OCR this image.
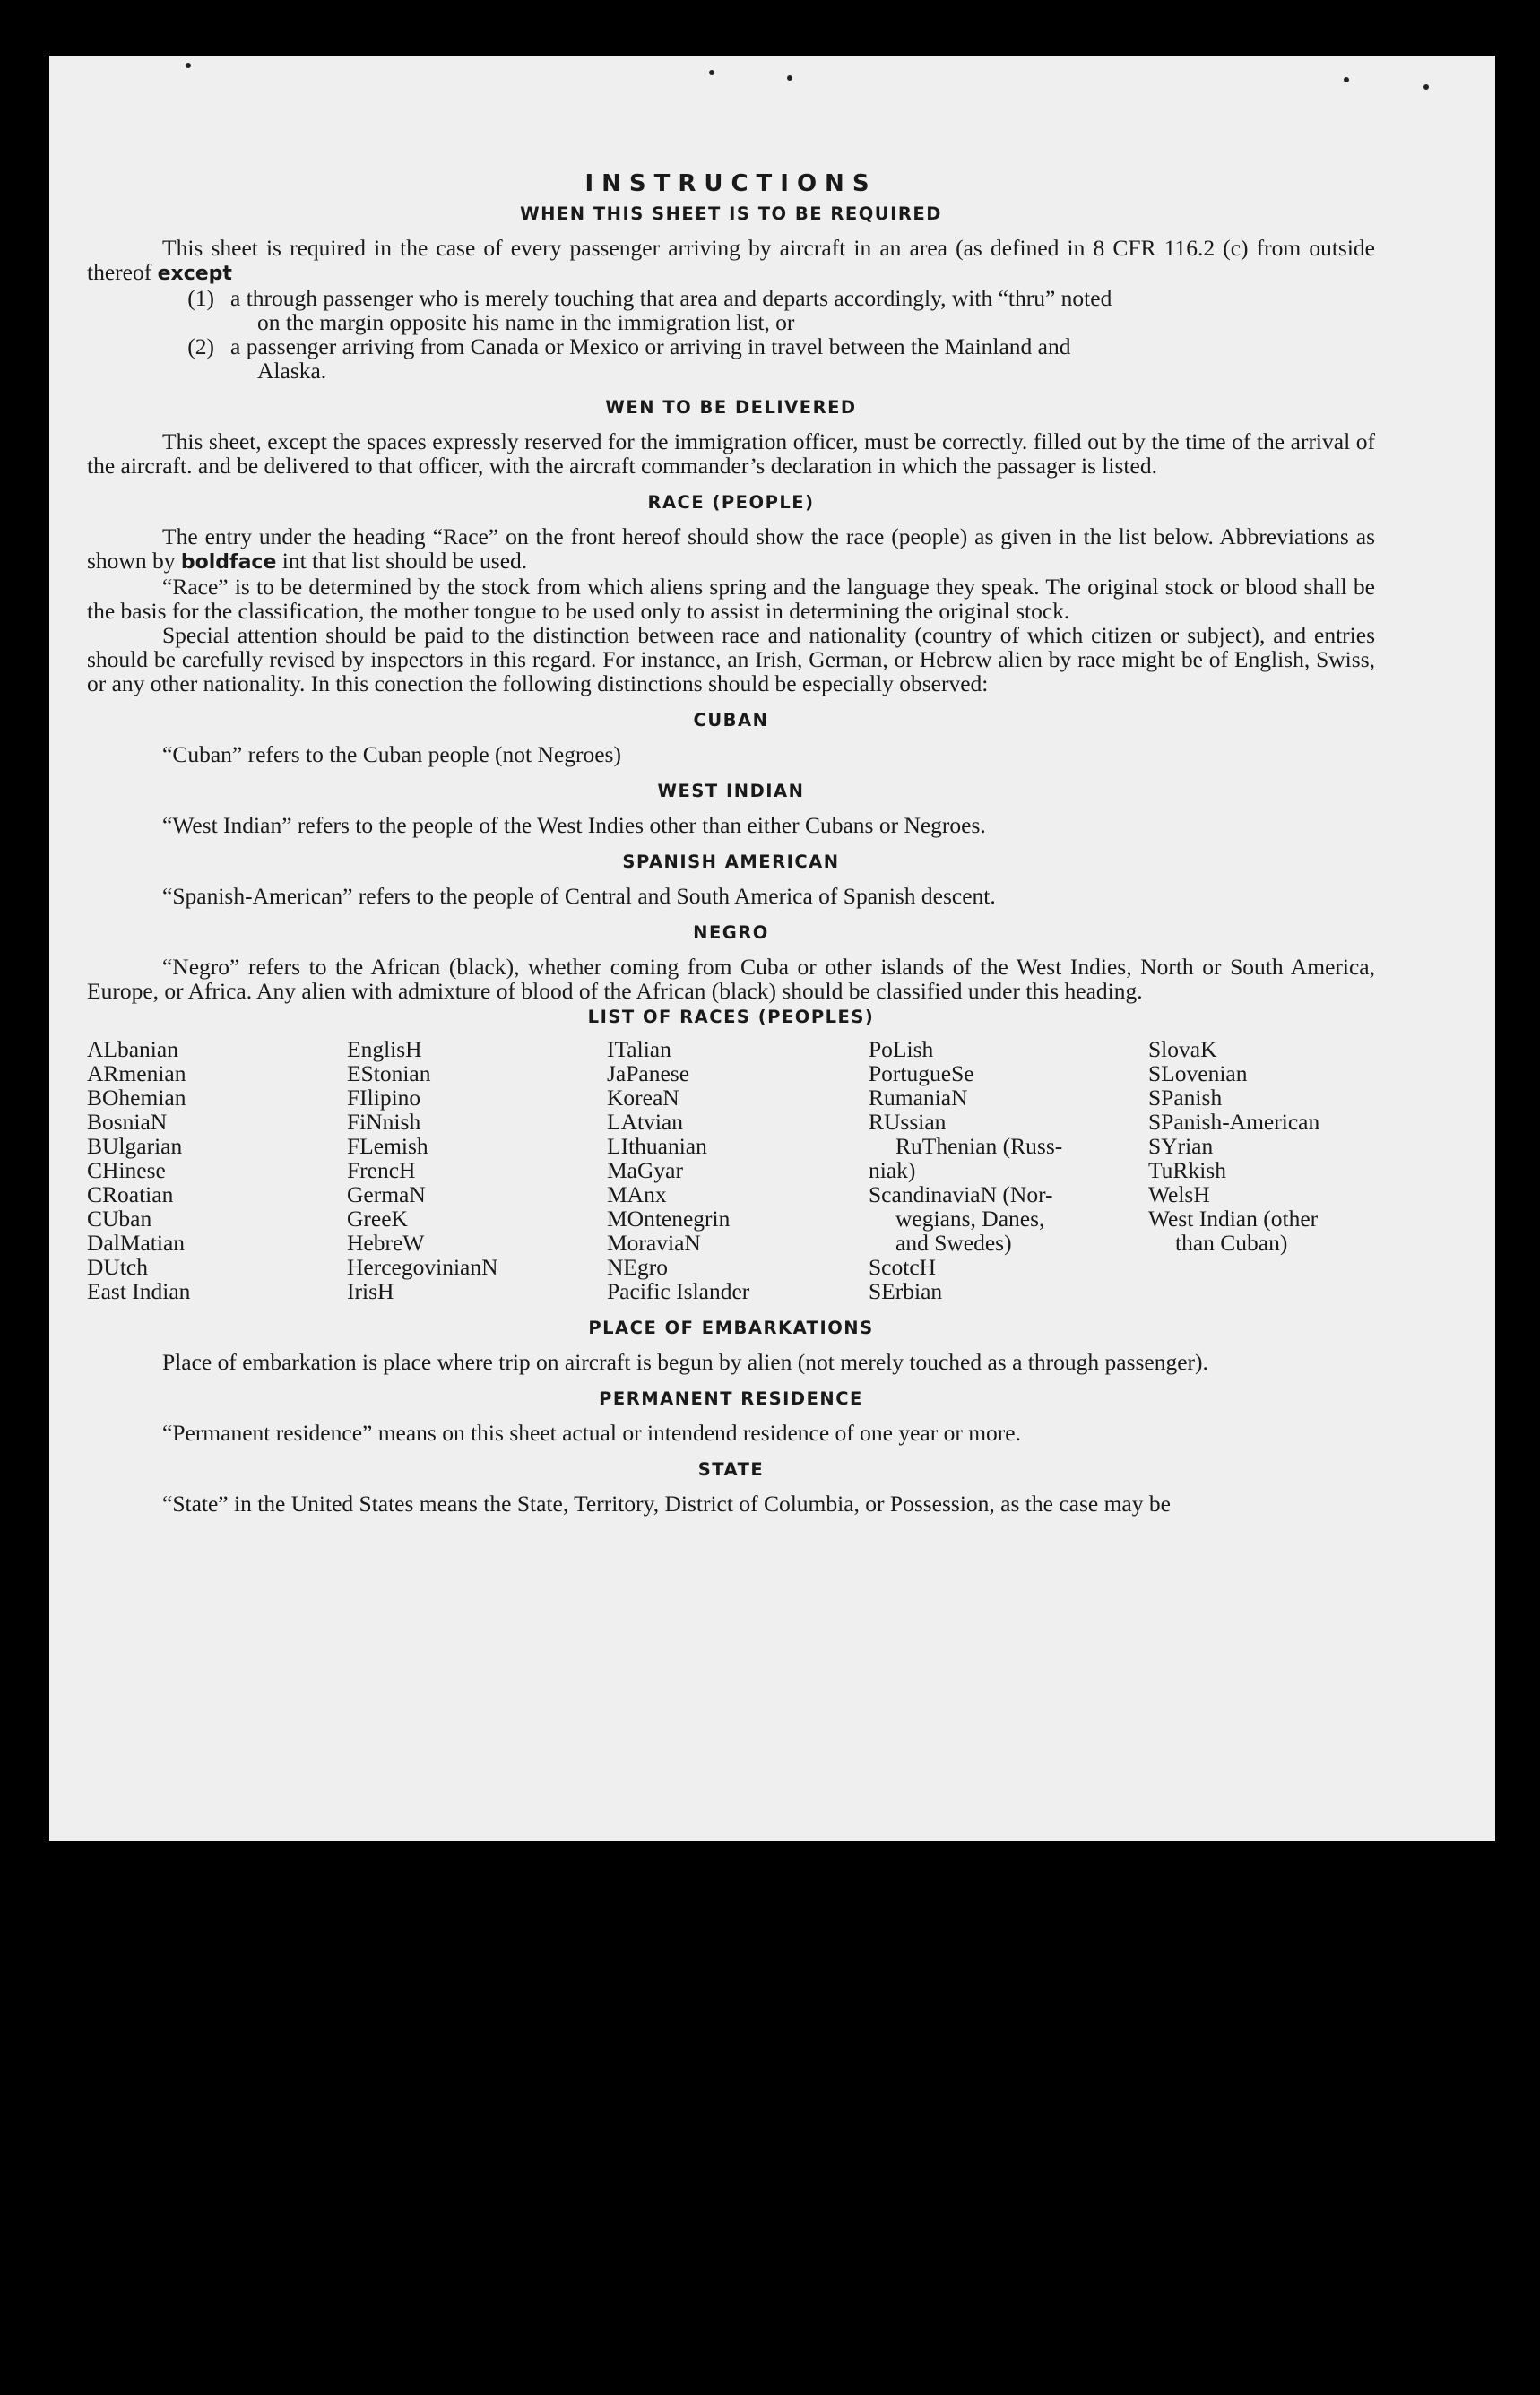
INSTRUCTIONS
WHEN THIS SHEET IS TO BE REQUIRED

This sheet is required in the case of every passenger arriving by aircraft in an area (as defined in 8 CFR 116.2 (c) from outside thereof except

(1) a through passenger who is merely touching that area and departs accordingly, with “thru” noted
on the margin opposite his name in the immigration list, or
(2) a passenger arriving from Canada or Mexico or arriving in travel between the Mainland and
Alaska.
WEN TO BE DELIVERED

This sheet, except the spaces expressly reserved for the immigration officer, must be correctly. filled out by the time of the arrival of the aircraft. and be delivered to that officer, with the aircraft commander’s declaration in which the passager is listed.

RACE (PEOPLE)

The entry under the heading “Race” on the front hereof should show the race (people) as given in the list below. Abbreviations as shown by boldface int that list should be used.

“Race” is to be determined by the stock from which aliens spring and the language they speak. The original stock or blood shall be the basis for the classification, the mother tongue to be used only to assist in determining the original stock.

Special attention should be paid to the distinction between race and nationality (country of which citizen or subject), and entries should be carefully revised by inspectors in this regard. For instance, an Irish, German, or Hebrew alien by race might be of English, Swiss, or any other nationality. In this conection the following distinctions should be especially observed:

CUBAN

“Cuban” refers to the Cuban people (not Negroes)

WEST INDIAN

“West Indian” refers to the people of the West Indies other than either Cubans or Negroes.

SPANISH AMERICAN

“Spanish-American” refers to the people of Central and South America of Spanish descent.

NEGRO

“Negro” refers to the African (black), whether coming from Cuba or other islands of the West Indies, North or South America, Europe, or Africa. Any alien with admixture of blood of the African (black) should be classified under this heading.

LIST OF RACES (PEOPLES)
ALbanian
ARmenian
BOhemian
BosniaN
BUlgarian
CHinese
CRoatian
CUban
DalMatian
DUtch
East Indian
EnglisH
EStonian
FIlipino
FiNnish
FLemish
FrencH
GermaN
GreeK
HebreW
HercegovinianN
IrisH
ITalian
JaPanese
KoreaN
LAtvian
LIthuanian
MaGyar
MAnx
MOntenegrin
MoraviaN
NEgro
Pacific Islander
PoLish
PortugueSe
RumaniaN
RUssian
RuThenian (Russ-
niak)
ScandinaviaN (Nor-
wegians, Danes,
and Swedes)
ScotcH
SErbian
SlovaK
SLovenian
SPanish
SPanish-American
SYrian
TuRkish
WelsH
West Indian (other
than Cuban)
PLACE OF EMBARKATIONS

Place of embarkation is place where trip on aircraft is begun by alien (not merely touched as a through passenger).

PERMANENT RESIDENCE

“Permanent residence” means on this sheet actual or intendend residence of one year or more.

STATE

“State” in the United States means the State, Territory, District of Columbia, or Possession, as the case may be
